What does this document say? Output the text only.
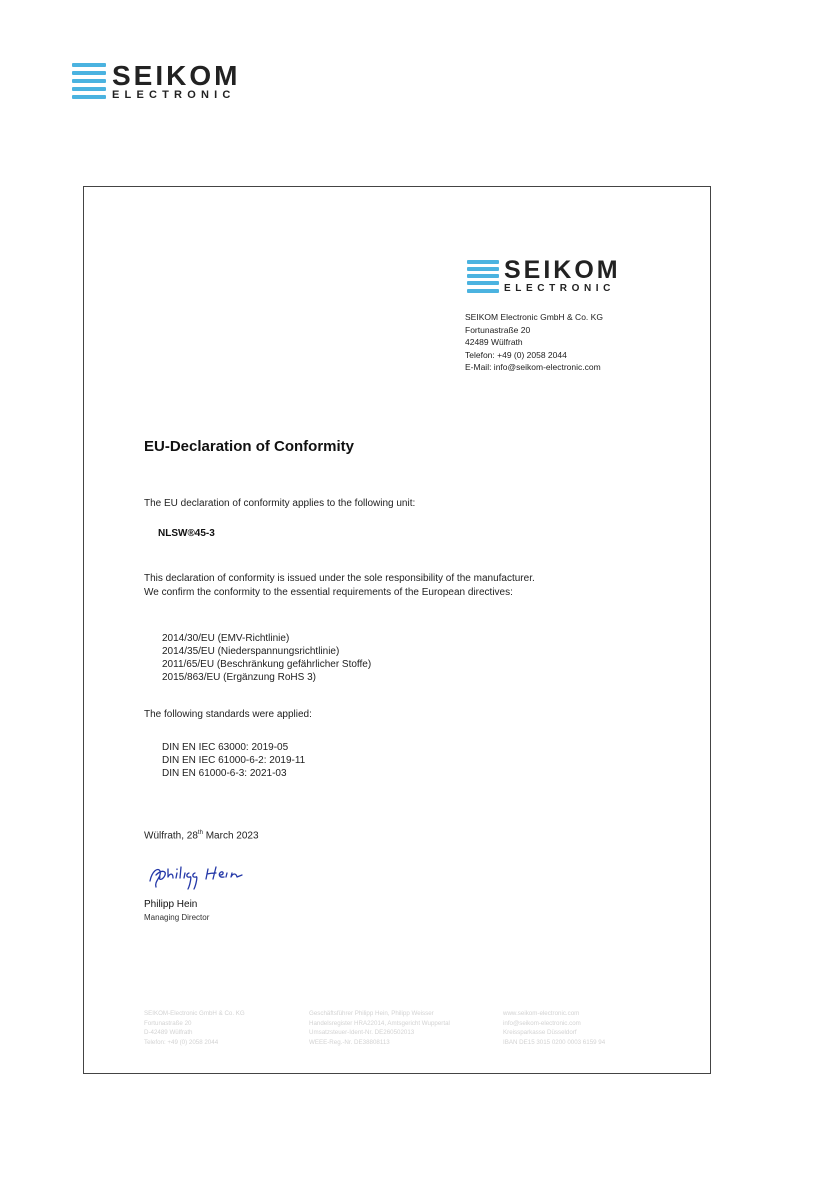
SEIKOM
ELECTRONIC
SEIKOM
ELECTRONIC
SEIKOM Electronic GmbH & Co. KG
Fortunastraße 20
42489 Wülfrath
Telefon: +49 (0) 2058 2044
E-Mail: info@seikom-electronic.com
EU-Declaration of Conformity
The EU declaration of conformity applies to the following unit:
NLSW®45-3
This declaration of conformity is issued under the sole responsibility of the manufacturer.
We confirm the conformity to the essential requirements of the European directives:
2014/30/EU (EMV-Richtlinie)
2014/35/EU (Niederspannungsrichtlinie)
2011/65/EU (Beschränkung gefährlicher Stoffe)
2015/863/EU (Ergänzung RoHS 3)
The following standards were applied:
DIN EN IEC 63000: 2019-05
DIN EN IEC 61000-6-2: 2019-11
DIN EN 61000-6-3: 2021-03
Wülfrath, 28th March 2023
Philipp Hein
Managing Director
SEIKOM-Electronic GmbH & Co. KG
Fortunastraße 20
D-42489 Wülfrath
Telefon: +49 (0) 2058 2044
Geschäftsführer Philipp Hein, Philipp Weisser
Handelsregister HRA22014, Amtsgericht Wuppertal
Umsatzsteuer-Ident-Nr. DE260502013
WEEE-Reg.-Nr. DE38808113
www.seikom-electronic.com
info@seikom-electronic.com
Kreissparkasse Düsseldorf
IBAN DE15 3015 0200 0003 6159 94
